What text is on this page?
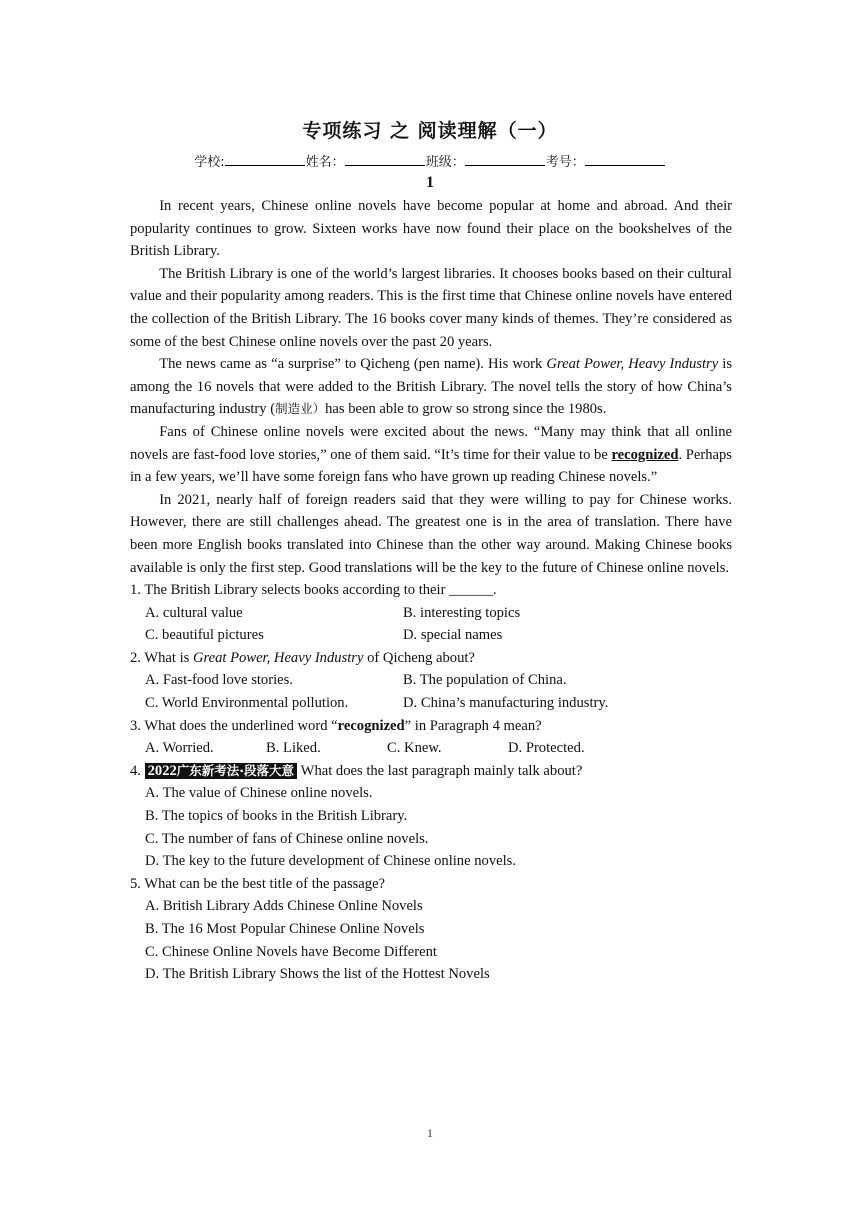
专项练习 之 阅读理解（一）
学校:	姓名：	班级：	考号：
1

In recent years, Chinese online novels have become popular at home and abroad. And their popularity continues to grow. Sixteen works have now found their place on the bookshelves of the British Library.

The British Library is one of the world’s largest libraries. It chooses books based on their cultural value and their popularity among readers. This is the first time that Chinese online novels have entered the collection of the British Library. The 16 books cover many kinds of themes. They’re considered as some of the best Chinese online novels over the past 20 years.

The news came as “a surprise” to Qicheng (pen name). His work Great Power, Heavy Industry is among the 16 novels that were added to the British Library. The novel tells the story of how China’s manufacturing industry (制造业）has been able to grow so strong since the 1980s.

Fans of Chinese online novels were excited about the news. “Many may think that all online novels are fast-food love stories,” one of them said. “It’s time for their value to be recognized. Perhaps in a few years, we’ll have some foreign fans who have grown up reading Chinese novels.”

In 2021, nearly half of foreign readers said that they were willing to pay for Chinese works. However, there are still challenges ahead. The greatest one is in the area of translation. There have been more English books translated into Chinese than the other way around. Making Chinese books available is only the first step. Good translations will be the key to the future of Chinese online novels.

1. The British Library selects books according to their ______.
A. cultural value	B. interesting topics
C. beautiful pictures	D. special names
2. What is Great Power, Heavy Industry of Qicheng about?
A. Fast-food love stories.	B. The population of China.
C. World Environmental pollution.	D. China’s manufacturing industry.
3. What does the underlined word “recognized” in Paragraph 4 mean?
A. Worried.	B. Liked.	C. Knew.	D. Protected.
4. 2022广东新考法·段落大意 What does the last paragraph mainly talk about?
A. The value of Chinese online novels.
B. The topics of books in the British Library.
C. The number of fans of Chinese online novels.
D. The key to the future development of Chinese online novels.
5. What can be the best title of the passage?
A. British Library Adds Chinese Online Novels
B. The 16 Most Popular Chinese Online Novels
C. Chinese Online Novels have Become Different
D. The British Library Shows the list of the Hottest Novels
1
